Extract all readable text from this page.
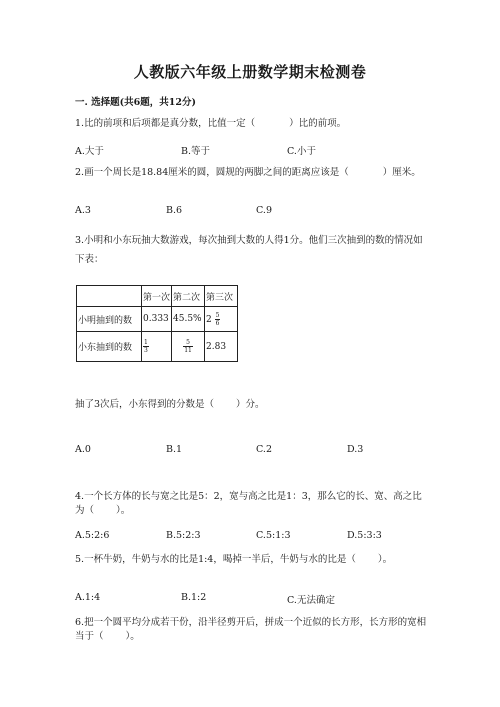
人教版六年级上册数学期末检测卷
一. 选择题(共6题，共12分)
1.比的前项和后项都是真分数，比值一定（	）比的前项。
A.大于	B.等于	C.小于
2.画一个周长是18.84厘米的圆，圆规的两脚之间的距离应该是（	）厘米。
A.3	B.6	C.9
3.小明和小东玩抽大数游戏，每次抽到大数的人得1分。他们三次抽到的数的情况如下表：
	第一次	第二次	第三次
小明抽到的数	0.333	45.5%	$2 \frac{5}{6}$

小东抽到的数	$\frac{1}{3}$	$\frac{5}{11}$	2.83
抽了3次后，小东得到的分数是（ ）分。
A.0	B.1	C.2	D.3
4.一个长方体的长与宽之比是5：2，宽与高之比是1：3，那么它的长、宽、高之比为（ ）。
A.5:2:6	B.5:2:3	C.5:1:3	D.5:3:3
5.一杯牛奶，牛奶与水的比是1:4，喝掉一半后，牛奶与水的比是（ ）。
A.1:4	B.1:2	C.无法确定
6.把一个圆平均分成若干份，沿半径剪开后，拼成一个近似的长方形，长方形的宽相当于（ ）。
